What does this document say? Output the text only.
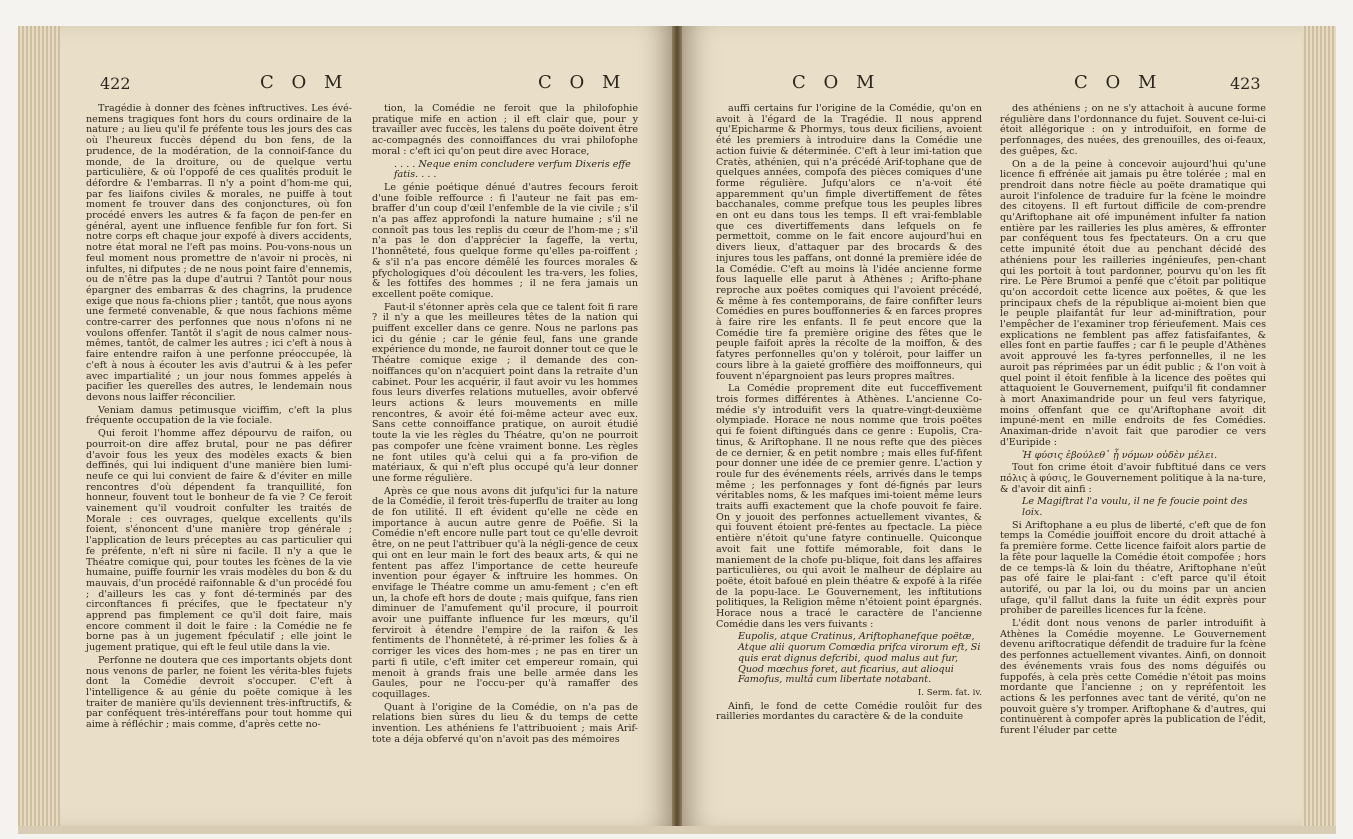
422	C O M	C O M

Tragédie à donner des fcènes inftructives. Les évé-nemens tragiques font hors du cours ordinaire de la nature ; au lieu qu'il fe préfente tous les jours des cas où l'heureux fuccès dépend du bon fens, de la prudence, de la modération, de la connoif-fance du monde, de la droiture, ou de quelque vertu particulière, & où l'oppofé de ces qualités produit le défordre & l'embarras. Il n'y a point d'hom-me qui, par fes liaifons civiles & morales, ne puiffe à tout moment fe trouver dans des conjonctures, où fon procédé envers les autres & fa façon de pen-fer en général, ayent une influence fenfible fur fon fort. Si notre corps eft chaque jour expofé à divers accidents, notre état moral ne l'eft pas moins. Pou-vons-nous un feul moment nous promettre de n'avoir ni procès, ni infultes, ni difputes ; de ne nous point faire d'ennemis, ou de n'être pas la dupe d'autrui ? Tantôt pour nous épargner des embarras & des chagrins, la prudence exige que nous fa-chions plier ; tantôt, que nous ayons une fermeté convenable, & que nous fachions même contre-carrer des perfonnes que nous n'ofons ni ne voulons offenfer. Tantôt il s'agit de nous calmer nous-mêmes, tantôt, de calmer les autres ; ici c'eft à nous à faire entendre raifon à une perfonne préoccupée, là c'eft à nous à écouter les avis d'autrui & à les pefer avec impartialité ; un jour nous fommes appelés à pacifier les querelles des autres, le lendemain nous devons nous laiffer réconcilier.

Veniam damus petimusque viciffim, c'eft la plus fréquente occupation de la vie fociale.

Qui feroit l'homme affez dépourvu de raifon, ou pourroit-on dire affez brutal, pour ne pas défirer d'avoir fous les yeux des modèles exacts & bien deffinés, qui lui indiquent d'une manière bien lumi-neufe ce qui lui convient de faire & d'éviter en mille rencontres d'où dépendent fa tranquillité, fon honneur, fouvent tout le bonheur de fa vie ? Ce feroit vainement qu'il voudroit confulter les traités de Morale : ces ouvrages, quelque excellents qu'ils foient, s'énoncent d'une manière trop générale ; l'application de leurs préceptes au cas particulier qui fe préfente, n'eft ni sûre ni facile. Il n'y a que le Théatre comique qui, pour toutes les fcènes de la vie humaine, puiffe fournir les vrais modèles du bon & du mauvais, d'un procédé raifonnable & d'un procédé fou ; d'ailleurs les cas y font dé-terminés par des circonftances fi précifes, que le fpectateur n'y apprend pas fimplement ce qu'il doit faire, mais encore comment il doit le faire : la Comédie ne fe borne pas à un jugement fpéculatif ; elle joint le jugement pratique, qui eft le feul utile dans la vie.

Perfonne ne doutera que ces importants objets dont nous venons de parler, ne foient les vérita-bles fujets dont la Comédie devroit s'occuper. C'eft à l'intelligence & au génie du poëte comique à les traiter de manière qu'ils deviennent très-inftructifs, & par conféquent très-intéreffans pour tout homme qui aime à réfléchir ; mais comme, d'après cette no-

tion, la Comédie ne feroit que la philofophie pratique mife en action ; il eft clair que, pour y travailler avec fuccès, les talens du poëte doivent être ac-compagnés des connoiffances du vrai philofophe moral : c'eft ici qu'on peut dire avec Horace,

. . . . Neque enim concludere verfum Dixeris effe fatis. . . .

Le génie poétique dénué d'autres fecours feroit d'une foible reffource : fi l'auteur ne fait pas em-braffer d'un coup d'œil l'enfemble de la vie civile ; s'il n'a pas affez approfondi la nature humaine ; s'il ne connoît pas tous les replis du cœur de l'hom-me ; s'il n'a pas le don d'apprécier la fageffe, la vertu, l'honnêteté, fous quelque forme qu'elles pa-roiffent ; & s'il n'a pas encore démêlé les fources morales & pfychologiques d'où découlent les tra-vers, les folies, & les fottifes des hommes ; il ne fera jamais un excellent poëte comique.

Faut-il s'étonner après cela que ce talent foit fi rare ? il n'y a que les meilleures têtes de la nation qui puiffent exceller dans ce genre. Nous ne parlons pas ici du génie ; car le génie feul, fans une grande expérience du monde, ne fauroit donner tout ce que le Théatre comique exige ; il demande des con-noiffances qu'on n'acquiert point dans la retraite d'un cabinet. Pour les acquérir, il faut avoir vu les hommes fous leurs diverfes relations mutuelles, avoir obfervé leurs actions & leurs mouvements en mille rencontres, & avoir été foi-même acteur avec eux. Sans cette connoiffance pratique, on auroit étudié toute la vie les règles du Théatre, qu'on ne pourroit pas compofer une fcène vraiment bonne. Les règles ne font utiles qu'à celui qui a fa pro-vifion de matériaux, & qui n'eft plus occupé qu'à leur donner une forme régulière.

Après ce que nous avons dit jufqu'ici fur la nature de la Comédie, il feroit très-fuperflu de traiter au long de fon utilité. Il eft évident qu'elle ne cède en importance à aucun autre genre de Poëfie. Si la Comédie n'eft encore nulle part tout ce qu'elle devroit être, on ne peut l'attribuer qu'à la négli-gence de ceux qui ont en leur main le fort des beaux arts, & qui ne fentent pas affez l'importance de cette heureufe invention pour égayer & inftruire les hommes. On envifage le Théatre comme un amu-fement ; c'en eft un, la chofe eft hors de doute ; mais quifque, fans rien diminuer de l'amufement qu'il procure, il pourroit avoir une puiffante influence fur les mœurs, qu'il ferviroit à étendre l'empire de la raifon & les fentiments de l'honnêteté, à ré-primer les folies & à corriger les vices des hom-mes ; ne pas en tirer un parti fi utile, c'eft imiter cet empereur romain, qui menoit à grands frais une belle armée dans les Gaules, pour ne l'occu-per qu'à ramaffer des coquillages.

Quant à l'origine de la Comédie, on n'a pas de relations bien sûres du lieu & du temps de cette invention. Les athéniens fe l'attribuoient ; mais Arif-tote a déja obfervé qu'on n'avoit pas des mémoires

C O M	C O M	423

auffi certains fur l'origine de la Comédie, qu'on en avoit à l'égard de la Tragédie. Il nous apprend qu'Epicharme & Phormys, tous deux ficiliens, avoient été les premiers à introduire dans la Comédie une action fuivie & déterminée. C'eft à leur imi-tation que Cratès, athénien, qui n'a précédé Arif-tophane que de quelques années, compofa des pièces comiques d'une forme régulière. Jufqu'alors ce n'a-voit été apparemment qu'un fimple divertiffement de fêtes bacchanales, comme prefque tous les peuples libres en ont eu dans tous les temps. Il eft vrai-femblable que ces divertiffements dans lefquels on fe permettoit, comme on le fait encore aujourd'hui en divers lieux, d'attaquer par des brocards & des injures tous les paffans, ont donné la première idée de la Comédie. C'eft au moins là l'idée ancienne forme fous laquelle elle parut à Athènes ; Arifto-phane reproche aux poëtes comiques qui l'avoient précédé, & même à fes contemporains, de faire confifter leurs Comédies en pures bouffonneries & en farces propres à faire rire les enfants. Il fe peut encore que la Comédie tire fa première origine des fêtes que le peuple faifoit après la récolte de la moiffon, & des fatyres perfonnelles qu'on y toléroit, pour laiffer un cours libre à la gaieté groffière des moiffonneurs, qui fouvent n'épargnoient pas leurs propres maîtres.

La Comédie proprement dite eut fucceffivement trois formes différentes à Athènes. L'ancienne Co-médie s'y introduifit vers la quatre-vingt-deuxième olympiade. Horace ne nous nomme que trois poëtes qui fe foient diftingués dans ce genre : Eupolis, Cra-tinus, & Ariftophane. Il ne nous refte que des pièces de ce dernier, & en petit nombre ; mais elles fuf-fifent pour donner une idée de ce premier genre. L'action y roule fur des événements réels, arrivés dans le temps même ; les perfonnages y font dé-fignés par leurs véritables noms, & les mafques imi-toient même leurs traits auffi exactement que la chofe pouvoit fe faire. On y jouoit des perfonnes actuellement vivantes, & qui fouvent étoient pré-fentes au fpectacle. La pièce entière n'étoit qu'une fatyre continuelle. Quiconque avoit fait une fottife mémorable, foit dans le maniement de la chofe pu-blique, foit dans les affaires particulières, ou qui avoit le malheur de déplaire au poëte, étoit bafoué en plein théatre & expofé à la rifée de la popu-lace. Le Gouvernement, les inftitutions politiques, la Religion même n'étoient point épargnés. Horace nous a tracé le caractère de l'ancienne Comédie dans les vers fuivants :

Eupolis, atque Cratinus, Ariftophanefque poëtæ, Atque alii quorum Comœdia prifca virorum eft, Si quis erat dignus defcribi, quod malus aut fur, Quod mœchus foret, aut ficarius, aut alioqui Famofus, multâ cum libertate notabant.

I. Serm. fat. iv.

Ainfi, le fond de cette Comédie roulôit fur des railleries mordantes du caractère & de la conduite

des athéniens ; on ne s'y attachoit à aucune forme régulière dans l'ordonnance du fujet. Souvent ce-lui-ci étoit allégorique : on y introduifoit, en forme de perfonnages, des nuées, des grenouilles, des oi-feaux, des guêpes, &c.

On a de la peine à concevoir aujourd'hui qu'une licence fi effrénée ait jamais pu être tolérée ; mal en prendroit dans notre fiècle au poëte dramatique qui auroit l'infolence de traduire fur la fcène le moindre des citoyens. Il eft furtout difficile de com-prendre qu'Ariftophane ait ofé impunément infulter fa nation entière par les railleries les plus amères, & effronter par conféquent tous fes fpectateurs. On a cru que cette impunité étoit due au penchant décidé des athéniens pour les railleries ingénieufes, pen-chant qui les portoit à tout pardonner, pourvu qu'on les fît rire. Le Père Brumoi a penfé que c'étoit par politique qu'on accordoit cette licence aux poëtes, & que les principaux chefs de la république ai-moient bien que le peuple plaifantât fur leur ad-miniftration, pour l'empêcher de l'examiner trop férieufement. Mais ces explications ne femblent pas affez fatisfaifantes, & elles font en partie fauffes ; car fi le peuple d'Athènes avoit approuvé les fa-tyres perfonnelles, il ne les auroit pas réprimées par un édit public ; & l'on voit à quel point il étoit fenfible à la licence des poëtes qui attaquoient le Gouvernement, puifqu'il fit condamner à mort Anaximandride pour un feul vers fatyrique, moins offenfant que ce qu'Ariftophane avoit dit impuné-ment en mille endroits de fes Comédies. Anaximan-dride n'avoit fait que parodier ce vers d'Euripide :

Ἡ φύσις ἐβούλεθ᾽ ᾗ νόμων οὐδὲν μέλει.

Tout fon crime étoit d'avoir fubftitué dans ce vers πόλις à φύσις, le Gouvernement politique à la na-ture, & d'avoir dit ainfi :

Le Magiftrat l'a voulu, il ne fe foucie point des loix.

Si Ariftophane a eu plus de liberté, c'eft que de fon temps la Comédie jouiffoit encore du droit attaché à fa première forme. Cette licence faifoit alors partie de la fête pour laquelle la Comédie étoit compofée ; hors de ce temps-là & loin du théatre, Ariftophane n'eût pas ofé faire le plai-fant : c'eft parce qu'il étoit autorifé, ou par la loi, ou du moins par un ancien ufage, qu'il fallut dans la fuite un édit exprès pour prohiber de pareilles licences fur la fcène.

L'édit dont nous venons de parler introduifit à Athènes la Comédie moyenne. Le Gouvernement devenu ariftocratique défendit de traduire fur la fcène des perfonnes actuellement vivantes. Ainfi, on donnoit des événements vrais fous des noms déguifés ou fuppofés, à cela près cette Comédie n'étoit pas moins mordante que l'ancienne ; on y repréfentoit les actions & les perfonnes avec tant de vérité, qu'on ne pouvoit guère s'y tromper. Ariftophane & d'autres, qui continuèrent à compofer après la publication de l'édit, furent l'éluder par cette
